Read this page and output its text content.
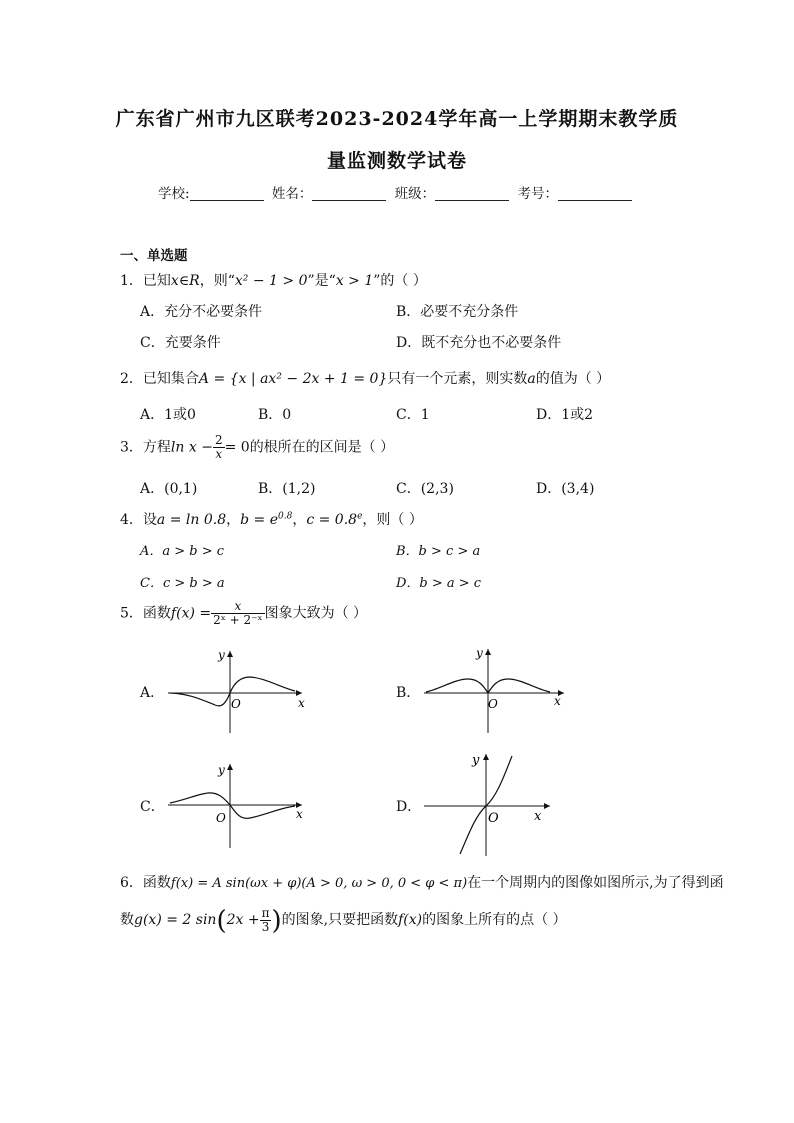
广东省广州市九区联考2023-2024学年高一上学期期末教学质
量监测数学试卷
学校:	姓名：	班级：	考号：
一、单选题
1．已知x∈R，则“x² − 1 > 0”是“x > 1”的（ ）
A．充分不必要条件	B．必要不充分条件
C．充要条件	D．既不充分也不必要条件
2．已知集合A = {x | ax² − 2x + 1 = 0}只有一个元素，则实数a的值为（ ）
A．1或0	B．0	C．1	D．1或2
3．方程$\ln x - \frac{2}{x} = 0$的根所在的区间是（ ）
A．(0,1)	B．(1,2)	C．(2,3)	D．(3,4)
4．设a = ln 0.8，$b = e^{0.8}$，c = 0.8$^e$，则（ ）
A．a > b > c	B．b > c > a
C．c > b > a	D．b > a > c
5．函数$f(x) = \frac{x}{\text{2ˣ + 2⁻ˣ}}$ 图象大致为（ ）
A．	B．
C．	D．
y
x
O
y
x
O
y
x
O
y
x
O
6．函数f(x) = A sin(ωx + φ)(A > 0, ω > 0, 0 < φ < π)在一个周期内的图像如图所示,为了得到函
数g(x) = 2 $\sin(2x + \frac{\pi}{3}$ )的图象,只要把函数f(x)的图象上所有的点（ ）
